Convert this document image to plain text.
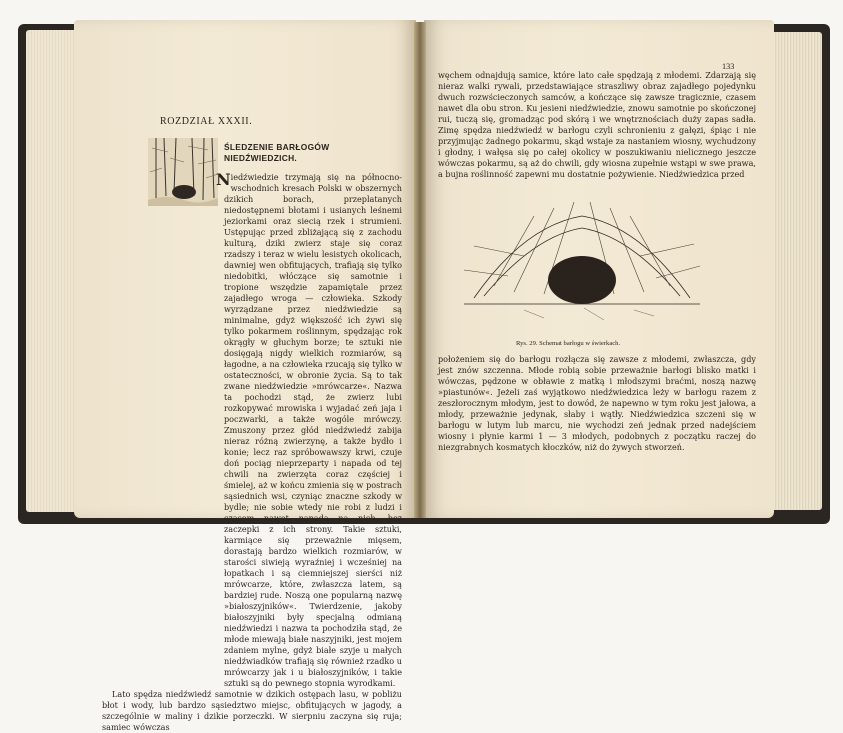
ROZDZIAŁ XXXII.
ŚLEDZENIE BARŁOGÓW NIEDŹWIEDZICH.

Niedźwiedzie trzymają się na północno-wschodnich kresach Polski w obszernych dzikich borach, przeplatanych niedostępnemi błotami i usianych leśnemi jeziorkami oraz siecią rzek i strumieni. Ustępując przed zbliżającą się z zachodu kulturą, dziki zwierz staje się coraz rzadszy i teraz w wielu lesistych okolicach, dawniej wen obfitujących, trafiają się tylko niedobitki, włóczące się samotnie i tropione wszędzie zapamiętale przez zajadłego wroga — człowieka. Szkody wyrządzane przez niedźwiedzie są minimalne, gdyż większość ich żywi się tylko pokarmem roślinnym, spędzając rok okrągły w głuchym borze; te sztuki nie dosięgają nigdy wielkich rozmiarów, są łagodne, a na człowieka rzucają się tylko w ostateczności, w obronie życia. Są to tak zwane niedźwiedzie »mrówcarze«. Nazwa ta pochodzi stąd, że zwierz lubi rozkopywać mrowiska i wyjadać zeń jaja i poczwarki, a także wogóle mrówczy. Zmuszony przez głód niedźwiedź zabija nieraz różną zwierzynę, a także bydło i konie; lecz raz spróbowawszy krwi, czuje doń pociąg nieprzeparty i napada od tej chwili na zwierzęta coraz częściej i śmielej, aż w końcu zmienia się w postrach sąsiednich wsi, czyniąc znaczne szkody w bydle; nie sobie wtedy nie robi z ludzi i czasem nawet napada na nich, bez zaczepki z ich strony. Takie sztuki, karmiące się przeważnie mięsem, dorastają bardzo wielkich rozmiarów, w starości siwieją wyraźniej i wcześniej na łopatkach i są ciemniejszej sierści niż mrówcarze, które, zwłaszcza latem, są bardziej rude. Noszą one popularną nazwę »białoszyjników«. Twierdzenie, jakoby białoszyjniki były specjalną odmianą niedźwiedzi i nazwa ta pochodziła stąd, że młode miewają białe naszyjniki, jest mojem zdaniem mylne, gdyż białe szyje u małych niedźwiadków trafiają się również rzadko u mrówcarzy jak i u białoszyjników, i takie sztuki są do pewnego stopnia wyrodkami.

Lato spędza niedźwiedź samotnie w dzikich ostępach lasu, w pobliżu błot i wody, lub bardzo sąsiedztwo miejsc, obfitujących w jagody, a szczególnie w maliny i dzikie porzeczki. W sierpniu zaczyna się ruja; samiec wówczas

133

węchem odnajdują samice, które lato całe spędzają z młodemi. Zdarzają się nieraz walki rywali, przedstawiające straszliwy obraz zajadłego pojedynku dwuch rozwścieczonych samców, a kończące się zawsze tragicznie, czasem nawet dla obu stron. Ku jesieni niedźwiedzie, znowu samotnie po skończonej rui, tuczą się, gromadząc pod skórą i we wnętrznościach duży zapas sadła. Zimę spędza niedźwiedź w barłogu czyli schronieniu z gałęzi, śpiąc i nie przyjmując żadnego pokarmu, skąd wstaje za nastaniem wiosny, wychudzony i głodny, i wałęsa się po całej okolicy w poszukiwaniu nielicznego jeszcze wówczas pokarmu, są aż do chwili, gdy wiosna zupełnie wstąpi w swe prawa, a bujna roślinność zapewni mu dostatnie pożywienie. Niedźwiedzica przed

Rys. 29. Schemat barłogu w świerkach.

położeniem się do barłogu rozłącza się zawsze z młodemi, zwłaszcza, gdy jest znów szczenna. Młode robią sobie przeważnie barłogi blisko matki i wówczas, pędzone w obławie z matką i młodszymi braćmi, noszą nazwę »piastunów«. Jeżeli zaś wyjątkowo niedźwiedzica leży w barłogu razem z zeszłorocznym młodym, jest to dowód, że napewno w tym roku jest jałowa, a młody, przeważnie jedynak, słaby i wątły. Niedźwiedzica szczeni się w barłogu w lutym lub marcu, nie wychodzi zeń jednak przed nadejściem wiosny i płynie karmi 1 — 3 młodych, podobnych z początku raczej do niezgrabnych kosmatych kłoczków, niż do żywych stworzeń.
